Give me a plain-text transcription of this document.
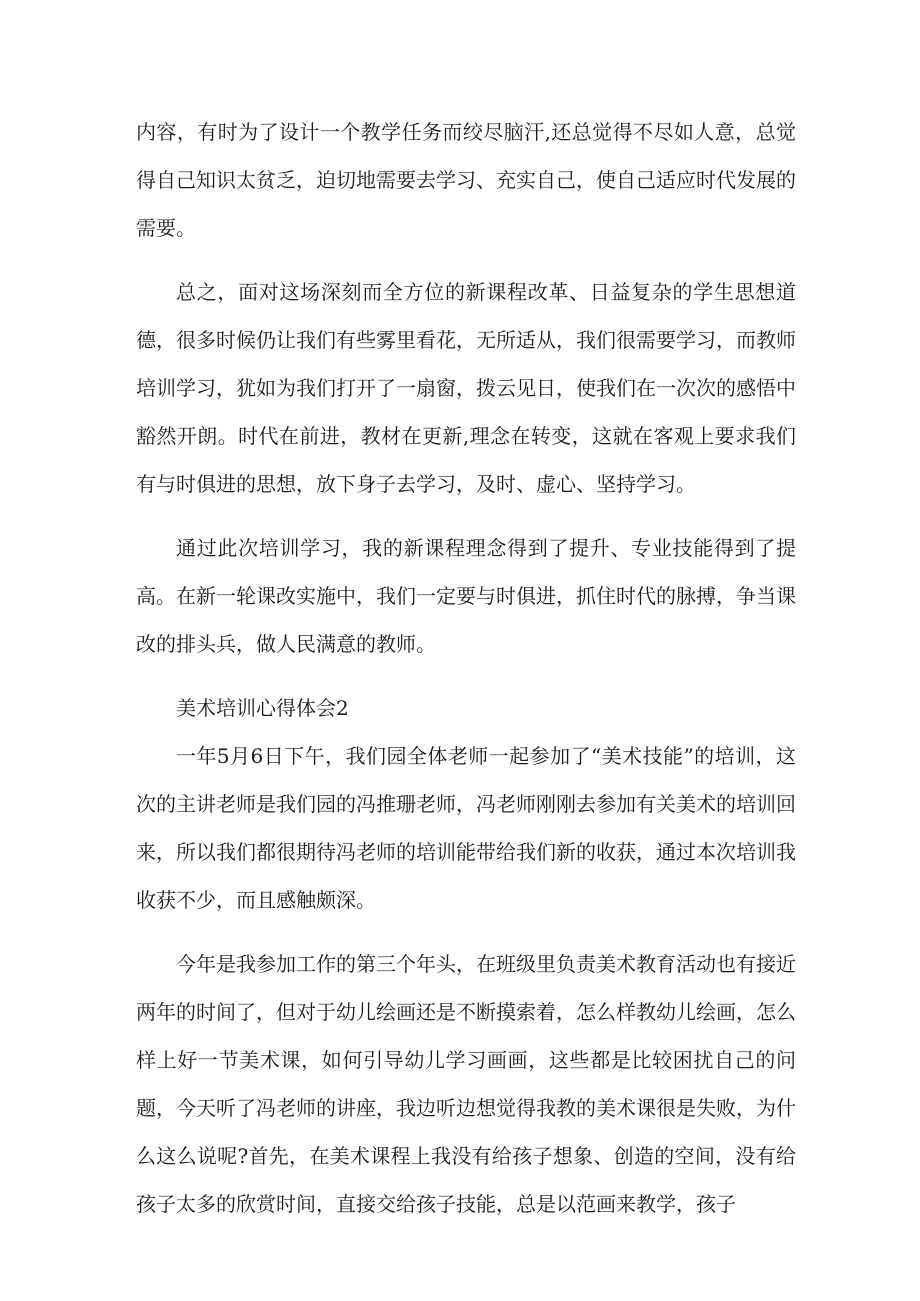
内容，有时为了设计一个教学任务而绞尽脑汗,还总觉得不尽如人意，总觉得自己知识太贫乏，迫切地需要去学习、充实自己，使自己适应时代发展的需要。

总之，面对这场深刻而全方位的新课程改革、日益复杂的学生思想道德，很多时候仍让我们有些雾里看花，无所适从，我们很需要学习，而教师培训学习，犹如为我们打开了一扇窗，拨云见日，使我们在一次次的感悟中豁然开朗。时代在前进，教材在更新,理念在转变，这就在客观上要求我们有与时俱进的思想，放下身子去学习，及时、虚心、坚持学习。

通过此次培训学习，我的新课程理念得到了提升、专业技能得到了提高。在新一轮课改实施中，我们一定要与时俱进，抓住时代的脉搏，争当课改的排头兵，做人民满意的教师。

美术培训心得体会2

一年5月6日下午，我们园全体老师一起参加了“美术技能”的培训，这次的主讲老师是我们园的冯推珊老师，冯老师刚刚去参加有关美术的培训回来，所以我们都很期待冯老师的培训能带给我们新的收获，通过本次培训我收获不少，而且感触颇深。

今年是我参加工作的第三个年头，在班级里负责美术教育活动也有接近两年的时间了，但对于幼儿绘画还是不断摸索着，怎么样教幼儿绘画，怎么样上好一节美术课，如何引导幼儿学习画画，这些都是比较困扰自己的问题，今天听了冯老师的讲座，我边听边想觉得我教的美术课很是失败，为什么这么说呢?首先，在美术课程上我没有给孩子想象、创造的空间，没有给孩子太多的欣赏时间，直接交给孩子技能，总是以范画来教学，孩子
